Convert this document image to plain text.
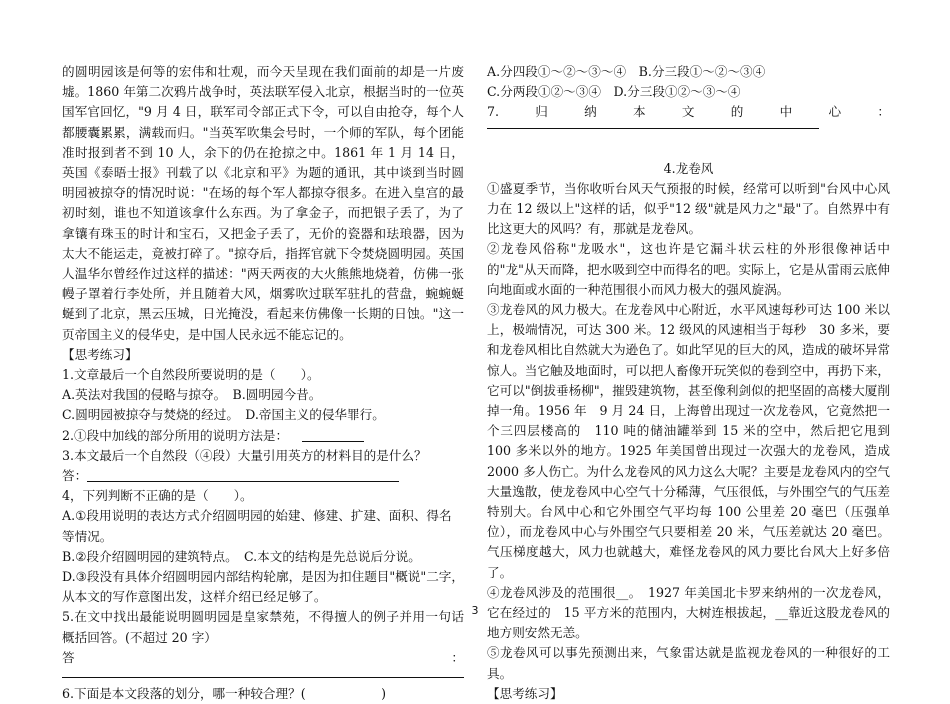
的圆明园该是何等的宏伟和壮观，而今天呈现在我们面前的却是一片废墟。1860 年第二次鸦片战争时，英法联军侵入北京，根据当时的一位英国军官回忆，"9 月 4 日，联军司令部正式下令，可以自由抢夺，每个人都腰囊累累，满载而归。"当英军吹集会号时，一个师的军队，每个团能准时报到者不到 10 人，余下的仍在抢掠之中。1861 年 1 月 14 日，英国《泰晤士报》刊载了以《北京和平》为题的通讯，其中谈到当时圆明园被掠夺的情况时说："在场的每个军人都掠夺很多。在进入皇宫的最初时刻，谁也不知道该拿什么东西。为了拿金子，而把银子丢了，为了拿镶有珠玉的时计和宝石，又把金子丢了，无价的瓷器和珐琅器，因为太大不能运走，竟被打碎了。"掠夺后，指挥官就下令焚烧圆明园。英国人温华尔曾经作过这样的描述："两天两夜的大火熊熊地烧着，仿佛一张幔子罩着行李处所，并且随着大风，烟雾吹过联军驻扎的营盘，蜿蜿蜒蜒到了北京，黑云压城，日光掩没，看起来仿佛像一长期的日蚀。"这一页帝国主义的侵华史，是中国人民永远不能忘记的。

【思考练习】
1.文章最后一个自然段所要说明的是（　　）。
A.英法对我国的侵略与掠夺。　B.圆明园今昔。
C.圆明园被掠夺与焚烧的经过。　D.帝国主义的侵华罪行。
2.①段中加线的部分所用的说明方法是：
3.本文最后一个自然段（④段）大量引用英方的材料目的是什么？
答：
4，下列判断不正确的是（　　）。
A.①段用说明的表达方式介绍圆明园的始建、修建、扩建、面积、得名等情况。
B.②段介绍圆明园的建筑特点。　C.本文的结构是先总说后分说。

D.③段没有具体介绍圆明园内部结构轮廓，是因为扣住题目"概说"二字，从本文的写作意图出发，这样介绍已经足够了。

5.在文中找出最能说明圆明园是皇家禁苑，不得擅人的例子并用一句话概括回答。(不超过 20 字）

答	：
6.下面是本文段落的划分，哪一种较合理？(　　　　　　)
A.分四段①～②～③～④　B.分三段①～②～③④
C.分两段①②～③④　D.分三段①②～③～④
7.	归	纳	本	文	的	中	心	：
4.龙卷风

①盛夏季节，当你收听台风天气预报的时候，经常可以听到"台风中心风力在 12 级以上"这样的话，似乎"12 级"就是风力之"最"了。自然界中有比这更大的风吗？有，那就是龙卷风。

②龙卷风俗称"龙吸水"，这也许是它漏斗状云柱的外形很像神话中的"龙"从天而降，把水吸到空中而得名的吧。实际上，它是从雷雨云底伸向地面或水面的一种范围很小而风力极大的强风旋涡。

③龙卷风的风力极大。在龙卷风中心附近，水平风速每秒可达 100 米以上，极端情况，可达 300 米。12 级风的风速相当于每秒　30 多米，要和龙卷风相比自然就大为逊色了。如此罕见的巨大的风，造成的破坏异常惊人。当它触及地面时，可以把人畜像开玩笑似的卷到空中，再扔下来，它可以"倒拔垂杨柳"，摧毁建筑物，甚至像利剑似的把坚固的高楼大厦削掉一角。1956 年　9 月 24 日，上海曾出现过一次龙卷风，它竟然把一个三四层楼高的　110 吨的储油罐举到 15 米的空中，然后把它甩到 100 多米以外的地方。1925 年美国曾出现过一次强大的龙卷风，造成 2000 多人伤亡。为什么龙卷风的风力这么大呢？主要是龙卷风内的空气大量逸散，使龙卷风中心空气十分稀薄，气压很低，与外围空气的气压差特别大。台风中心和它外围空气平均每 100 公里差 20 毫巴（压强单位），而龙卷风中心与外围空气只要相差 20 米，气压差就达 20 毫巴。气压梯度越大，风力也就越大，难怪龙卷风的风力要比台风大上好多倍了。

④龙卷风涉及的范围很__。　1927 年美国北卡罗来纳州的一次龙卷风，它在经过的　15 平方米的范围内，大树连根拔起，__靠近这股龙卷风的地方则安然无恙。

⑤龙卷风可以事先预测出来，气象雷达就是监视龙卷风的一种很好的工具。

【思考练习】
3
